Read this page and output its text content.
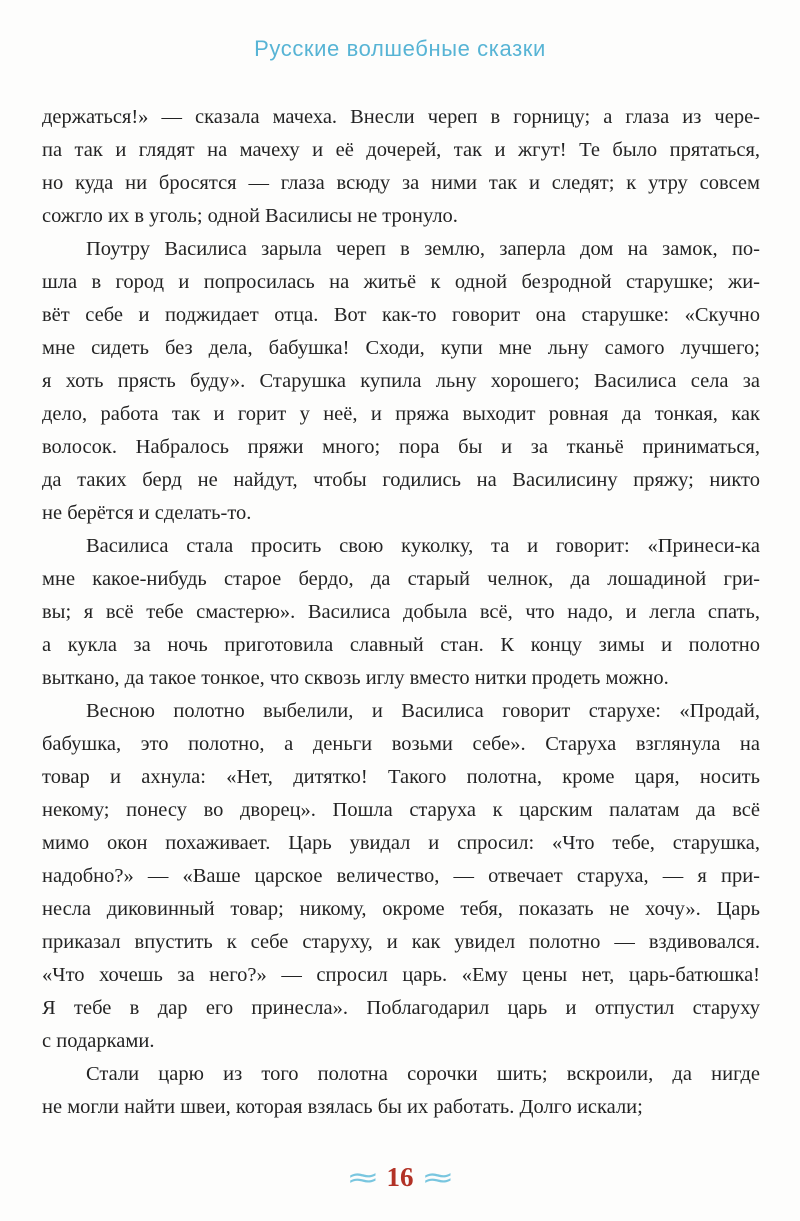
Русские волшебные сказки
держаться!» — сказала мачеха. Внесли череп в горницу; а глаза из чере-
па так и глядят на мачеху и её дочерей, так и жгут! Те было прятаться,
но куда ни бросятся — глаза всюду за ними так и следят; к утру совсем
сожгло их в уголь; одной Василисы не тронуло.
Поутру Василиса зарыла череп в землю, заперла дом на замок, по-
шла в город и попросилась на житьё к одной безродной старушке; жи-
вёт себе и поджидает отца. Вот как-то говорит она старушке: «Скучно
мне сидеть без дела, бабушка! Сходи, купи мне льну самого лучшего;
я хоть прясть буду». Старушка купила льну хорошего; Василиса села за
дело, работа так и горит у неё, и пряжа выходит ровная да тонкая, как
волосок. Набралось пряжи много; пора бы и за тканьё приниматься,
да таких берд не найдут, чтобы годились на Василисину пряжу; никто
не берётся и сделать-то.
Василиса стала просить свою куколку, та и говорит: «Принеси-ка
мне какое-нибудь старое бердо, да старый челнок, да лошадиной гри-
вы; я всё тебе смастерю». Василиса добыла всё, что надо, и легла спать,
а кукла за ночь приготовила славный стан. К концу зимы и полотно
выткано, да такое тонкое, что сквозь иглу вместо нитки продеть можно.
Весною полотно выбелили, и Василиса говорит старухе: «Продай,
бабушка, это полотно, а деньги возьми себе». Старуха взглянула на
товар и ахнула: «Нет, дитятко! Такого полотна, кроме царя, носить
некому; понесу во дворец». Пошла старуха к царским палатам да всё
мимо окон похаживает. Царь увидал и спросил: «Что тебе, старушка,
надобно?» — «Ваше царское величество, — отвечает старуха, — я при-
несла диковинный товар; никому, окроме тебя, показать не хочу». Царь
приказал впустить к себе старуху, и как увидел полотно — вздивовался.
«Что хочешь за него?» — спросил царь. «Ему цены нет, царь-батюшка!
Я тебе в дар его принесла». Поблагодарил царь и отпустил старуху
с подарками.
Стали царю из того полотна сорочки шить; вскроили, да нигде
не могли найти швеи, которая взялась бы их работать. Долго искали;
≈ 16 ≈
